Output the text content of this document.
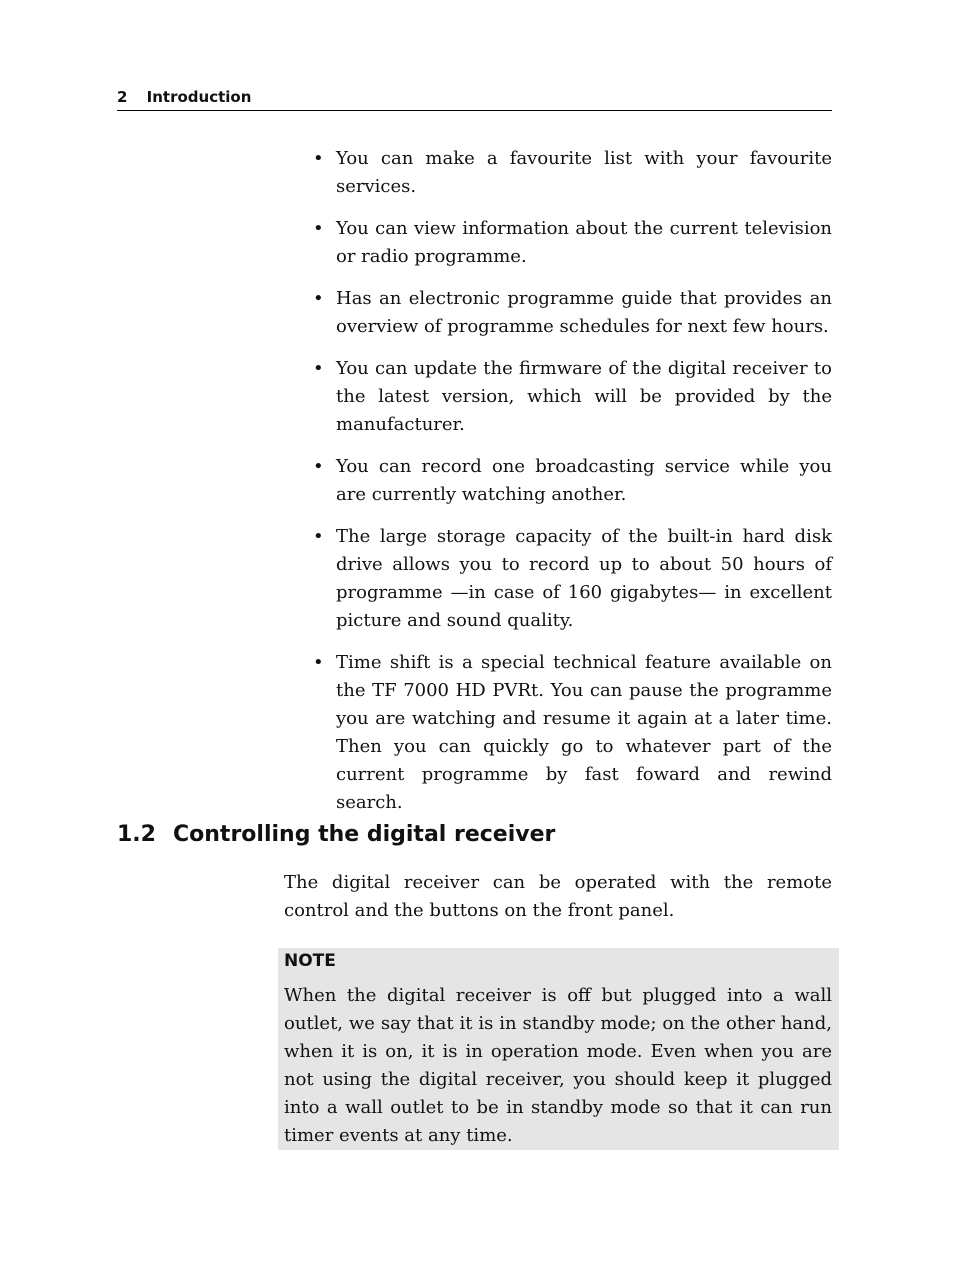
2 Introduction
• You can make a favourite list with your favourite services.
• You can view information about the current television or radio programme.
• Has an electronic programme guide that provides an overview of programme schedules for next few hours.
• You can update the firmware of the digital receiver to the latest version, which will be provided by the manufacturer.
• You can record one broadcasting service while you are currently watching another.
• The large storage capacity of the built-in hard disk drive allows you to record up to about 50 hours of programme —in case of 160 gigabytes— in excellent picture and sound quality.
• Time shift is a special technical feature available on the TF 7000 HD PVRt. You can pause the programme you are watching and resume it again at a later time. Then you can quickly go to whatever part of the current programme by fast foward and rewind search.
1.2 Controlling the digital receiver

The digital receiver can be operated with the remote control and the buttons on the front panel.

NOTE

When the digital receiver is off but plugged into a wall outlet, we say that it is in standby mode; on the other hand, when it is on, it is in operation mode. Even when you are not using the digital receiver, you should keep it plugged into a wall outlet to be in standby mode so that it can run timer events at any time.
